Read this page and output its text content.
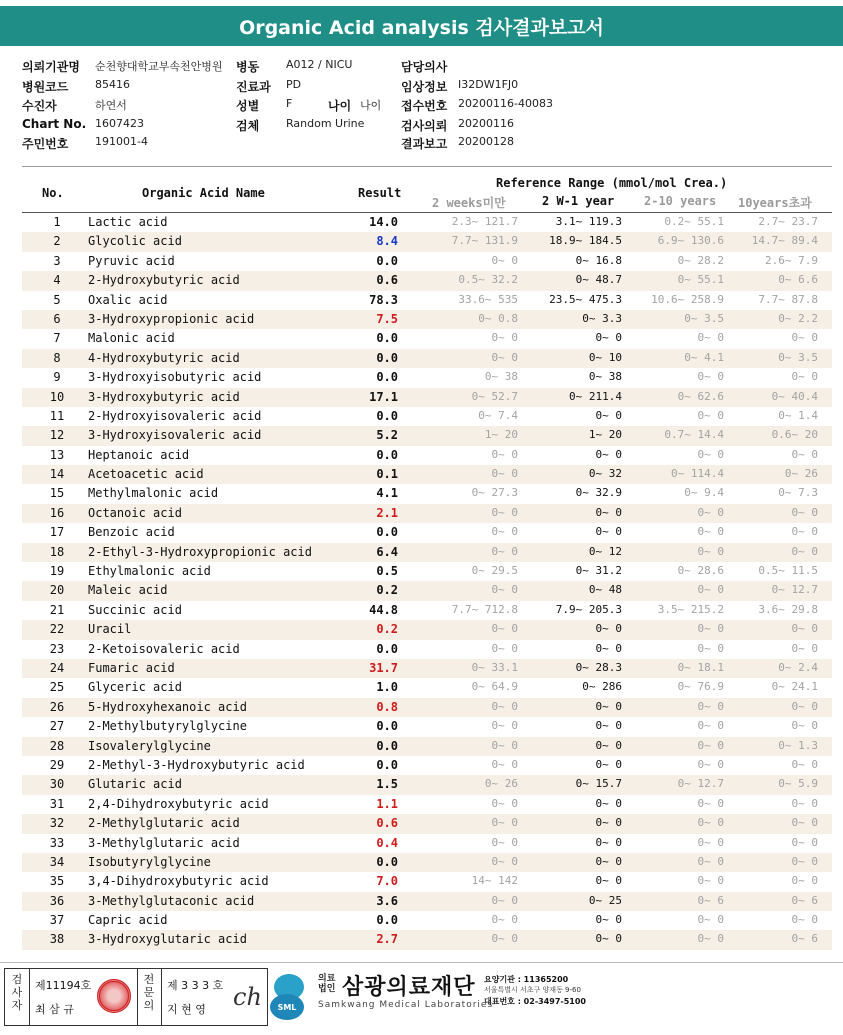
Organic Acid analysis 검사결과보고서
의뢰기관명 순천향대학교부속천안병원 병동 A012 / NICU	담당의사
병원코드 85416	진료과 PD	임상정보 I32DW1FJ0
수진자	하연서	성별 F	나이 나이 접수번호 20200116-40083
Chart No. 1607423	검체 Random Urine	검사의뢰 20200116
주민번호 191001-4	결과보고 20200128
No.	Organic Acid Name	Result
Reference Range (mmol/mol Crea.)
2 weeks미만	2 W-1 year 2-10 years 10years초과
1	Lactic acid	14.0	2.3~ 121.7	3.1~ 119.3	0.2~ 55.1	2.7~ 23.7
2	Glycolic acid	8.4	7.7~ 131.9	18.9~ 184.5	6.9~ 130.6	14.7~ 89.4
3	Pyruvic acid	0.0	0~ 0	0~ 16.8	0~ 28.2	2.6~ 7.9
4	2-Hydroxybutyric acid	0.6	0.5~ 32.2	0~ 48.7	0~ 55.1	0~ 6.6
5	Oxalic acid	78.3	33.6~ 535	23.5~ 475.3	10.6~ 258.9	7.7~ 87.8
6	3-Hydroxypropionic acid	7.5	0~ 0.8	0~ 3.3	0~ 3.5	0~ 2.2
7	Malonic acid	0.0	0~ 0	0~ 0	0~ 0	0~ 0
8	4-Hydroxybutyric acid	0.0	0~ 0	0~ 10	0~ 4.1	0~ 3.5
9	3-Hydroxyisobutyric acid	0.0	0~ 38	0~ 38	0~ 0	0~ 0
10	3-Hydroxybutyric acid	17.1	0~ 52.7	0~ 211.4	0~ 62.6	0~ 40.4
11	2-Hydroxyisovaleric acid	0.0	0~ 7.4	0~ 0	0~ 0	0~ 1.4
12	3-Hydroxyisovaleric acid	5.2	1~ 20	1~ 20	0.7~ 14.4	0.6~ 20
13	Heptanoic acid	0.0	0~ 0	0~ 0	0~ 0	0~ 0
14	Acetoacetic acid	0.1	0~ 0	0~ 32	0~ 114.4	0~ 26
15	Methylmalonic acid	4.1	0~ 27.3	0~ 32.9	0~ 9.4	0~ 7.3
16	Octanoic acid	2.1	0~ 0	0~ 0	0~ 0	0~ 0
17	Benzoic acid	0.0	0~ 0	0~ 0	0~ 0	0~ 0
18	2-Ethyl-3-Hydroxypropionic acid	6.4	0~ 0	0~ 12	0~ 0	0~ 0
19	Ethylmalonic acid	0.5	0~ 29.5	0~ 31.2	0~ 28.6	0.5~ 11.5
20	Maleic acid	0.2	0~ 0	0~ 48	0~ 0	0~ 12.7
21	Succinic acid	44.8	7.7~ 712.8	7.9~ 205.3	3.5~ 215.2	3.6~ 29.8
22	Uracil	0.2	0~ 0	0~ 0	0~ 0	0~ 0
23	2-Ketoisovaleric acid	0.0	0~ 0	0~ 0	0~ 0	0~ 0
24	Fumaric acid	31.7	0~ 33.1	0~ 28.3	0~ 18.1	0~ 2.4
25	Glyceric acid	1.0	0~ 64.9	0~ 286	0~ 76.9	0~ 24.1
26	5-Hydroxyhexanoic acid	0.8	0~ 0	0~ 0	0~ 0	0~ 0
27	2-Methylbutyrylglycine	0.0	0~ 0	0~ 0	0~ 0	0~ 0
28	Isovalerylglycine	0.0	0~ 0	0~ 0	0~ 0	0~ 1.3
29	2-Methyl-3-Hydroxybutyric acid	0.0	0~ 0	0~ 0	0~ 0	0~ 0
30	Glutaric acid	1.5	0~ 26	0~ 15.7	0~ 12.7	0~ 5.9
31	2,4-Dihydroxybutyric acid	1.1	0~ 0	0~ 0	0~ 0	0~ 0
32	2-Methylglutaric acid	0.6	0~ 0	0~ 0	0~ 0	0~ 0
33	3-Methylglutaric acid	0.4	0~ 0	0~ 0	0~ 0	0~ 0
34	Isobutyrylglycine	0.0	0~ 0	0~ 0	0~ 0	0~ 0
35	3,4-Dihydroxybutyric acid	7.0	14~ 142	0~ 0	0~ 0	0~ 0
36	3-Methylglutaconic acid	3.6	0~ 0	0~ 25	0~ 6	0~ 6
37	Capric acid	0.0	0~ 0	0~ 0	0~ 0	0~ 0
38	3-Hydroxyglutaric acid	2.7	0~ 0	0~ 0	0~ 0	0~ 6
검사자
제11194호
최 삼 규
전문의
제 3 3 3 호
지 현 영 ch	SML
의료
법인 삼광의료재단
Samkwang Medical Laboratories
요양기관 : 11365200
서울특별시 서초구 양재동 9-60
대표번호 : 02-3497-5100
